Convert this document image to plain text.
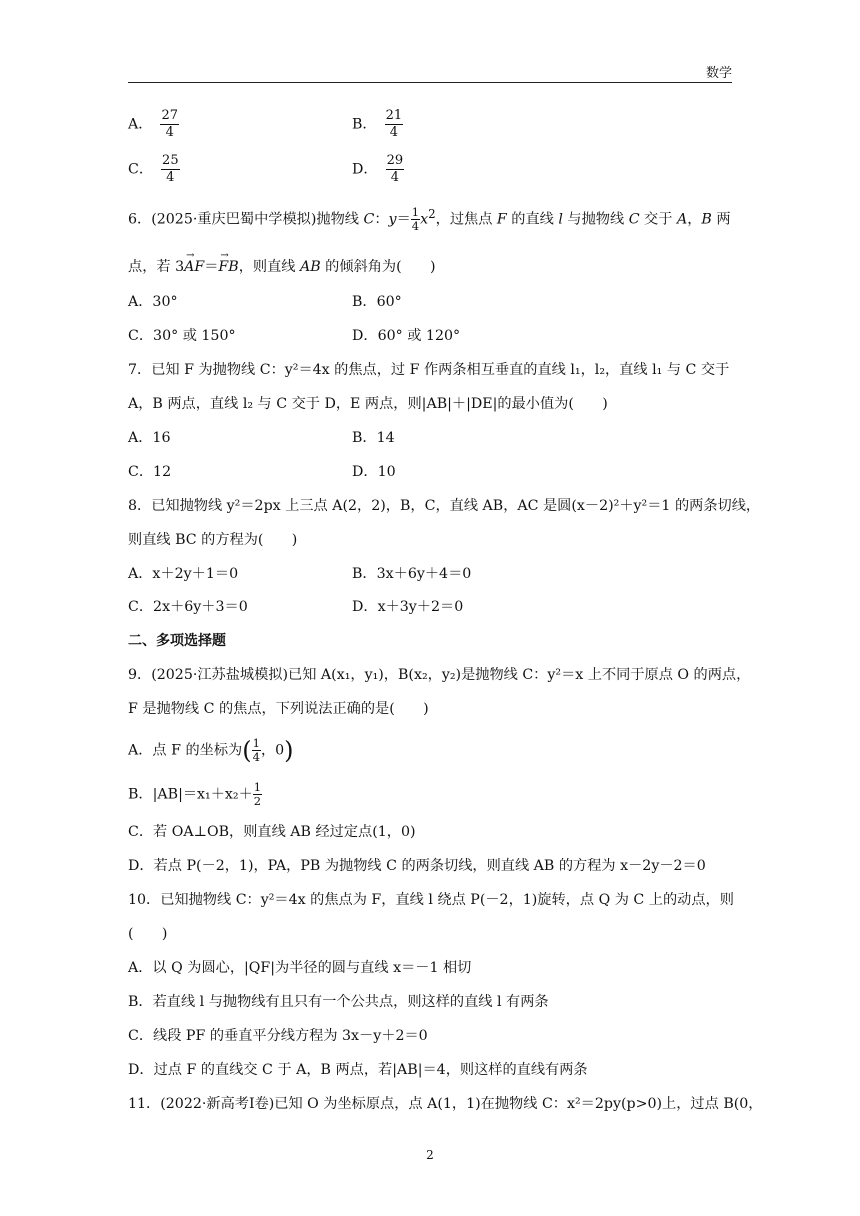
数学
A． $\frac{27}{4}$	B． $\frac{21}{4}$
C． $\frac{25}{4}$	D． $\frac{29}{4}$
6．(2025·重庆巴蜀中学模拟)抛物线 C：$y= \frac{1}{4} x^2$，过焦点 F 的直线 l 与抛物线 C 交于 A，B 两
点，若 3→ AF＝→ FB，则直线 AB 的倾斜角为(　　)
A．30°	B．60°
C．30° 或 150°	D．60° 或 120°
7．已知 F 为抛物线 C：y²＝4x 的焦点，过 F 作两条相互垂直的直线 l₁，l₂，直线 l₁ 与 C 交于
A，B 两点，直线 l₂ 与 C 交于 D，E 两点，则|AB|＋|DE|的最小值为(　　)
A．16	B．14
C．12	D．10
8．已知抛物线 y²＝2px 上三点 A(2，2)，B，C，直线 AB，AC 是圆(x－2)²＋y²＝1 的两条切线，
则直线 BC 的方程为(　　)
A．x＋2y＋1＝0	B．3x＋6y＋4＝0
C．2x＋6y＋3＝0	D．x＋3y＋2＝0
二、多项选择题
9．(2025·江苏盐城模拟)已知 A(x₁，y₁)，B(x₂，y₂)是抛物线 C：y²＝x 上不同于原点 O 的两点，
F 是抛物线 C 的焦点，下列说法正确的是(　　)
A．点 F 的坐标为( $\frac{1}{4}$ ，0)
B．$|AB|=x_1+x_2+ \frac{1}{2}$
C．若 OA⊥OB，则直线 AB 经过定点(1，0)
D．若点 P(－2，1)，PA，PB 为抛物线 C 的两条切线，则直线 AB 的方程为 x－2y－2＝0
10．已知抛物线 C：y²＝4x 的焦点为 F，直线 l 绕点 P(－2，1)旋转，点 Q 为 C 上的动点，则
(　　)
A．以 Q 为圆心，|QF|为半径的圆与直线 x＝－1 相切
B．若直线 l 与抛物线有且只有一个公共点，则这样的直线 l 有两条
C．线段 PF 的垂直平分线方程为 3x－y＋2＝0
D．过点 F 的直线交 C 于 A，B 两点，若|AB|＝4，则这样的直线有两条
11．(2022·新高考Ⅰ卷)已知 O 为坐标原点，点 A(1，1)在抛物线 C：x²＝2py(p>0)上，过点 B(0，
2
